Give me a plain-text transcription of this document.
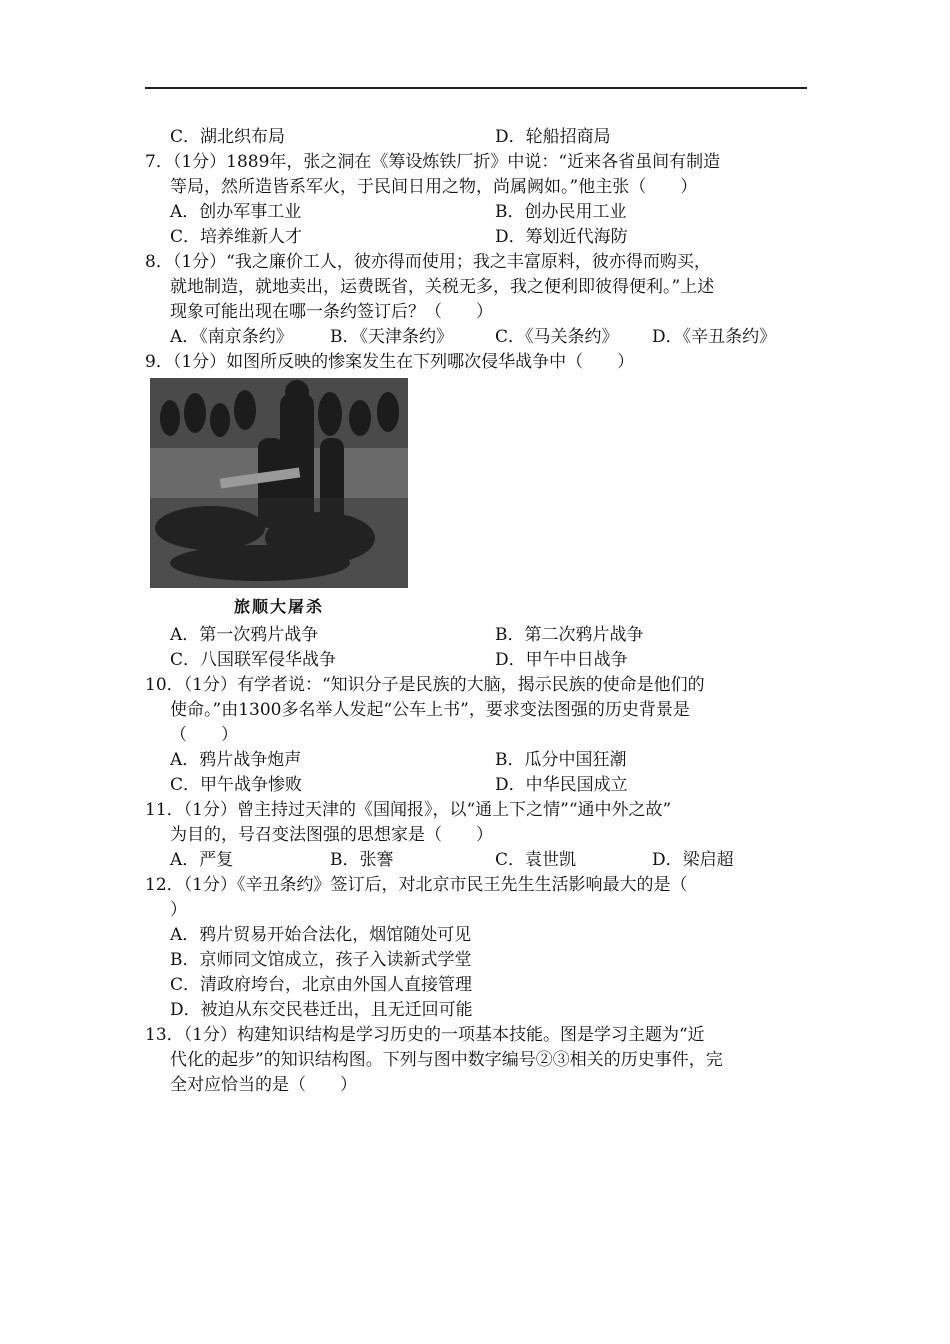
C．湖北织布局	D．轮船招商局
7．（1分）1889年，张之洞在《筹设炼铁厂折》中说：“近来各省虽间有制造
等局，然所造皆系军火，于民间日用之物，尚属阙如。”他主张（　　）
A．创办军事工业	B．创办民用工业
C．培养维新人才	D．筹划近代海防
8．（1分）“我之廉价工人，彼亦得而使用；我之丰富原料，彼亦得而购买，
就地制造，就地卖出，运费既省，关税无多，我之便利即彼得便利。”上述
现象可能出现在哪一条约签订后？（　　）
A．《南京条约》 B．《天津条约》 C．《马关条约》 D．《辛丑条约》
9．（1分）如图所反映的惨案发生在下列哪次侵华战争中（　　）
旅顺大屠杀
A．第一次鸦片战争	B．第二次鸦片战争
C．八国联军侵华战争	D．甲午中日战争
10．（1分）有学者说：“知识分子是民族的大脑，揭示民族的使命是他们的
使命。”由1300多名举人发起“公车上书”，要求变法图强的历史背景是
（　　）
A．鸦片战争炮声	B．瓜分中国狂潮
C．甲午战争惨败	D．中华民国成立
11．（1分）曾主持过天津的《国闻报》，以“通上下之情”“通中外之故”
为目的，号召变法图强的思想家是（　　）
A．严复	B．张謇	C．袁世凯	D．梁启超
12．（1分）《辛丑条约》签订后，对北京市民王先生生活影响最大的是（
）
A．鸦片贸易开始合法化，烟馆随处可见
B．京师同文馆成立，孩子入读新式学堂
C．清政府垮台，北京由外国人直接管理
D．被迫从东交民巷迁出，且无迁回可能
13．（1分）构建知识结构是学习历史的一项基本技能。图是学习主题为“近
代化的起步”的知识结构图。下列与图中数字编号②③相关的历史事件，完
全对应恰当的是（　　）
